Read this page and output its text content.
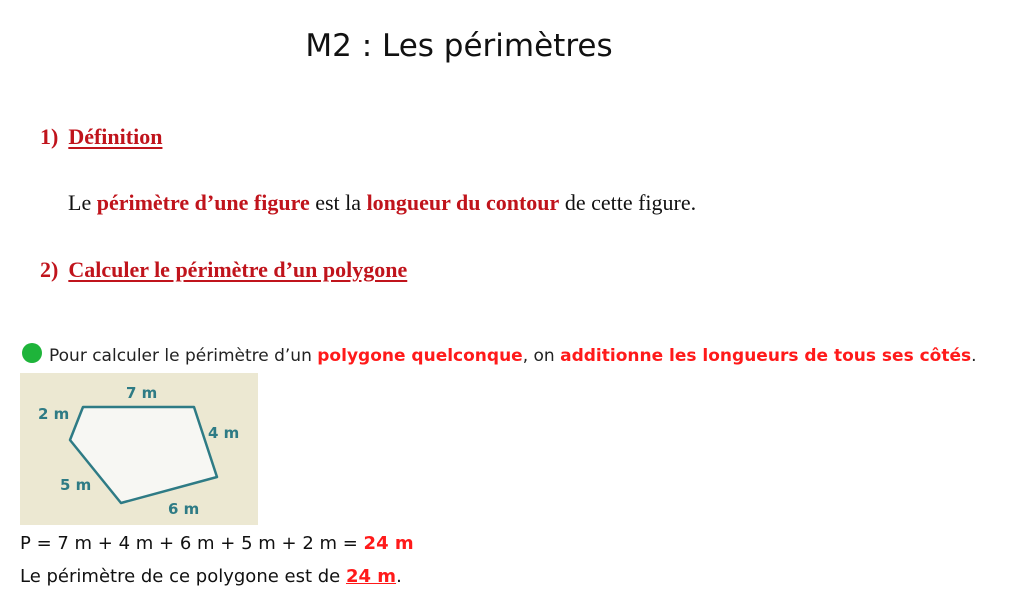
M2 : Les périmètres
1) Définition
Le périmètre d’une figure est la longueur du contour de cette figure.
2) Calculer le périmètre d’un polygone
Pour calculer le périmètre d’un polygone quelconque, on additionne les longueurs de tous ses côtés.
7 m
4 m
6 m
5 m
2 m
P = 7 m + 4 m + 6 m + 5 m + 2 m = 24 m
Le périmètre de ce polygone est de 24 m.
